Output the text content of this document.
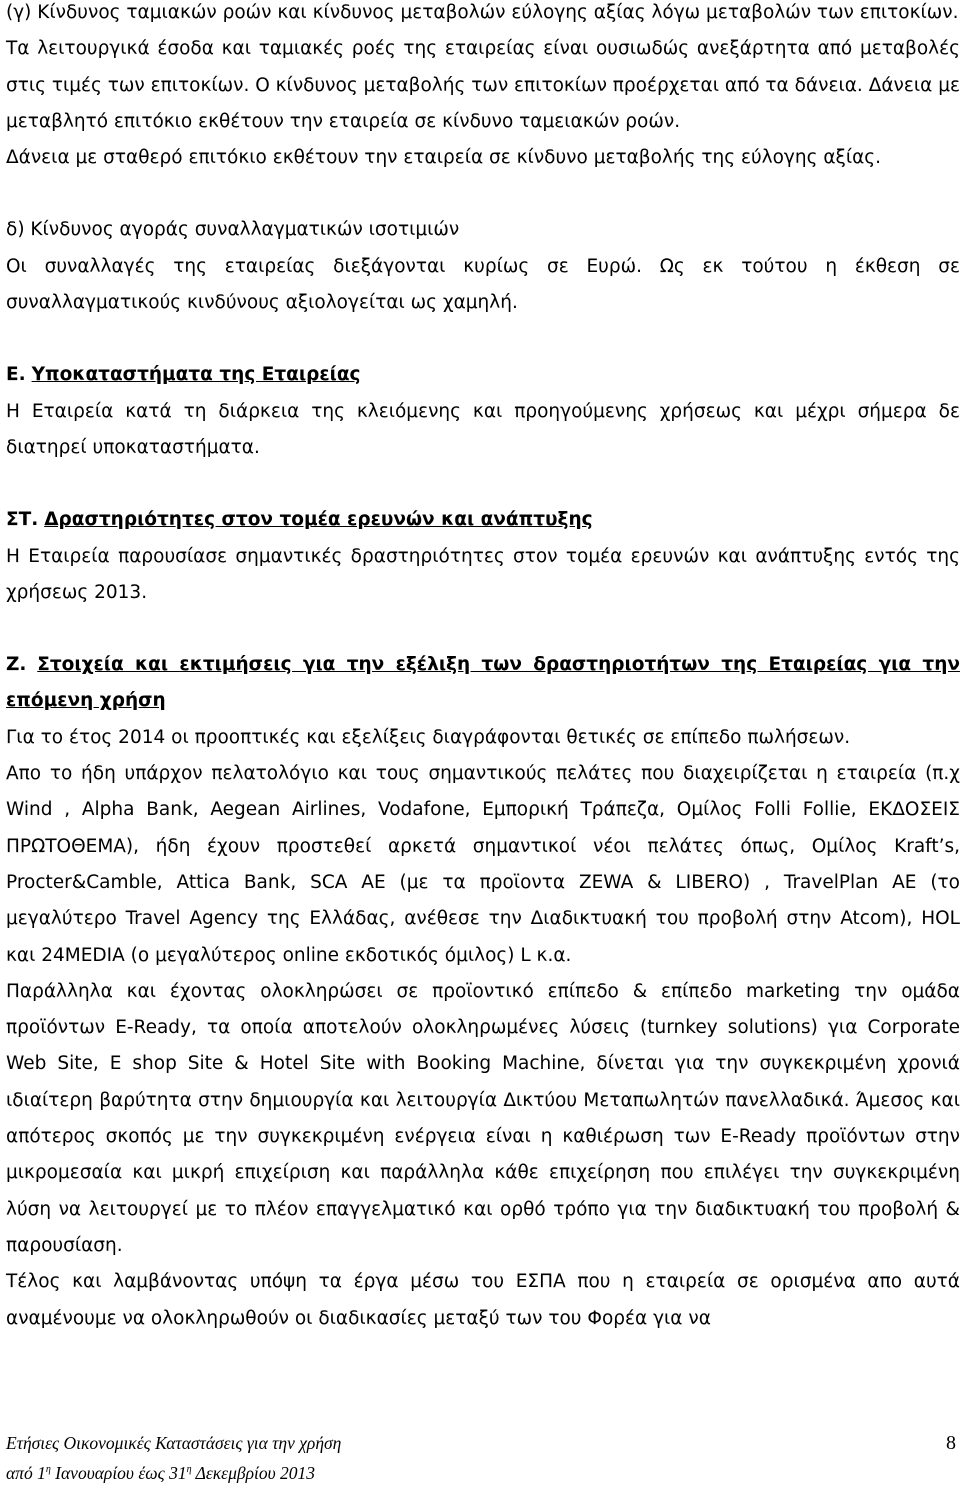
(γ) Κίνδυνος ταμιακών ροών και κίνδυνος μεταβολών εύλογης αξίας λόγω μεταβολών των επιτοκίων.

Τα λειτουργικά έσοδα και ταμιακές ροές της εταιρείας είναι ουσιωδώς ανεξάρτητα από μεταβολές στις τιμές των επιτοκίων. Ο κίνδυνος μεταβολής των επιτοκίων προέρχεται από τα δάνεια. Δάνεια με μεταβλητό επιτόκιο εκθέτουν την εταιρεία σε κίνδυνο ταμειακών ροών.

Δάνεια με σταθερό επιτόκιο εκθέτουν την εταιρεία σε κίνδυνο μεταβολής της εύλογης αξίας.

δ) Κίνδυνος αγοράς συναλλαγματικών ισοτιμιών

Οι συναλλαγές της εταιρείας διεξάγονται κυρίως σε Ευρώ. Ως εκ τούτου η έκθεση σε συναλλαγματικούς κινδύνους αξιολογείται ως χαμηλή.

Ε. Υποκαταστήματα της Εταιρείας

Η Εταιρεία κατά τη διάρκεια της κλειόμενης και προηγούμενης χρήσεως και μέχρι σήμερα δε διατηρεί υποκαταστήματα.

ΣΤ. Δραστηριότητες στον τομέα ερευνών και ανάπτυξης

Η Εταιρεία παρουσίασε σημαντικές δραστηριότητες στον τομέα ερευνών και ανάπτυξης εντός της χρήσεως 2013.

Ζ. Στοιχεία και εκτιμήσεις για την εξέλιξη των δραστηριοτήτων της Εταιρείας για την επόμενη χρήση

Για το έτος 2014 οι προοπτικές και εξελίξεις διαγράφονται θετικές σε επίπεδο πωλήσεων.

Απο το ήδη υπάρχον πελατολόγιο και τους σημαντικούς πελάτες που διαχειρίζεται η εταιρεία (π.χ Wind , Alpha Bank, Aegean Airlines, Vodafone, Εμπορική Τράπεζα, Ομίλος Folli Follie, ΕΚΔΟΣΕΙΣ ΠΡΩΤΟΘΕΜΑ), ήδη έχουν προστεθεί αρκετά σημαντικοί νέοι πελάτες όπως, Ομίλος Kraft’s, Procter&Camble, Attica Bank, SCA AE (με τα προϊοντα ZEWA & LIBERO) , TravelPlan AE (το μεγαλύτερο Travel Agency της Ελλάδας, ανέθεσε την Διαδικτυακή του προβολή στην Atcom), HOL και 24MEDIA (ο μεγαλύτερος online εκδοτικός όμιλος) L κ.α.

Παράλληλα και έχοντας ολοκληρώσει σε προϊοντικό επίπεδο & επίπεδο marketing την ομάδα προϊόντων E-Ready, τα οποία αποτελούν ολοκληρωμένες λύσεις (turnkey solutions) για Corporate Web Site, E shop Site & Hotel Site with Booking Machine, δίνεται για την συγκεκριμένη χρονιά ιδιαίτερη βαρύτητα στην δημιουργία και λειτουργία Δικτύου Μεταπωλητών πανελλαδικά. Άμεσος και απότερος σκοπός με την συγκεκριμένη ενέργεια είναι η καθιέρωση των E-Ready προϊόντων στην μικρομεσαία και μικρή επιχείριση και παράλληλα κάθε επιχείρηση που επιλέγει την συγκεκριμένη λύση να λειτουργεί με το πλέον επαγγελματικό και ορθό τρόπο για την διαδικτυακή του προβολή & παρουσίαση.

Τέλος και λαμβάνοντας υπόψη τα έργα μέσω του ΕΣΠΑ που η εταιρεία σε ορισμένα απο αυτά αναμένουμε να ολοκληρωθούν οι διαδικασίες μεταξύ των του Φορέα για να

Ετήσιες Οικονομικές Καταστάσεις για την χρήση
από $1^\eta$ Ιανουαρίου έως $31^\eta$ Δεκεμβρίου 2013
8
